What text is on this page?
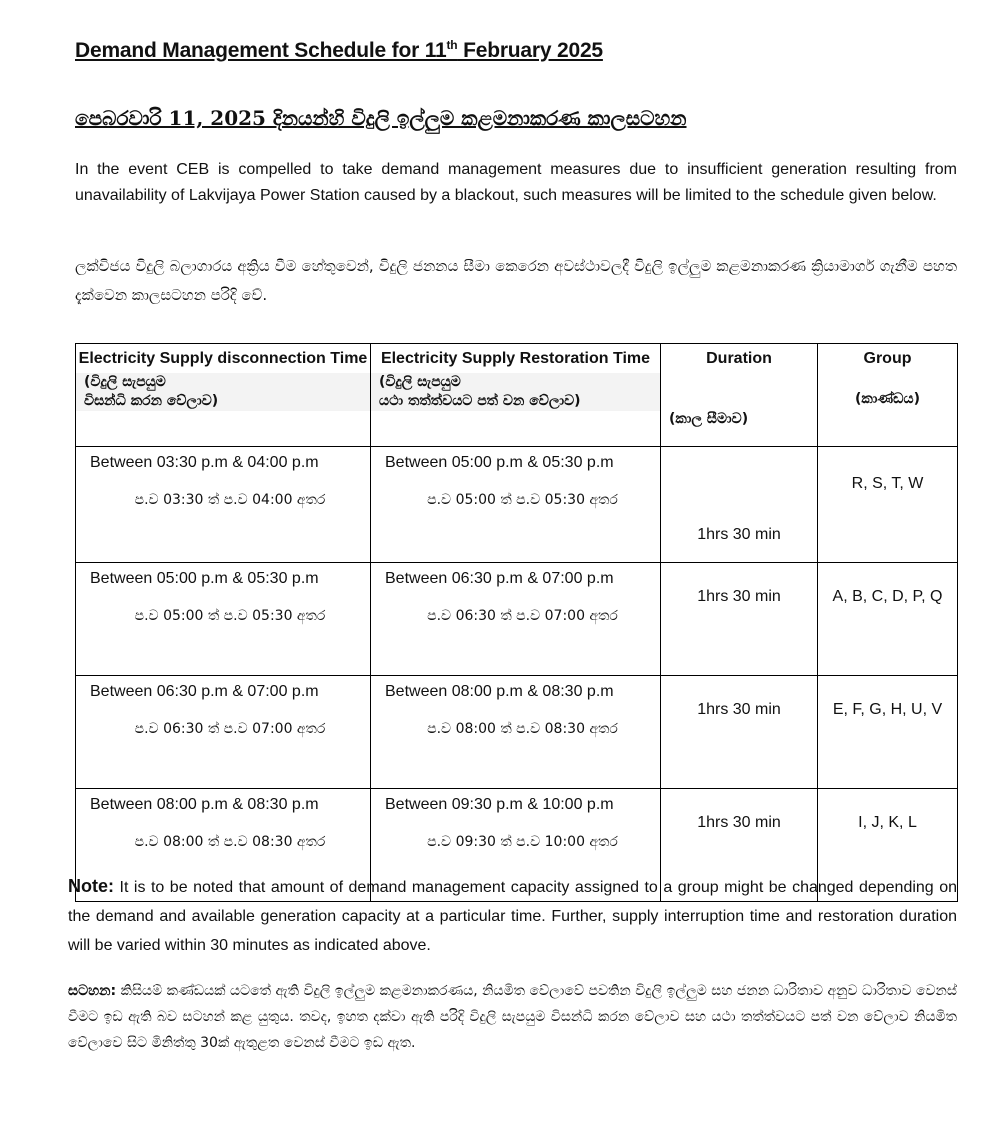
Demand Management Schedule for 11th February 2025
පෙබරවාරි 11, 2025 දිනයන්හි විදුලි ඉල්ලුම කළමනාකරණ කාලසටහන

In the event CEB is compelled to take demand management measures due to insufficient generation resulting from unavailability of Lakvijaya Power Station caused by a blackout, such measures will be limited to the schedule given below.

ලක්විජය විදුලි බලාගාරය අක්‍රිය වීම හේතුවෙන්, විදුලි ජනනය සීමා කෙරෙන අවස්ථාවලදී විදුලි ඉල්ලුම කළමනාකරණ ක්‍රියාමාර්ග ගැනීම පහත දැක්වෙන කාලසටහන පරිදි වේ.

Electricity Supply disconnection Time
(විදුලි සැපයුම
විසන්ධි කරන වේලාව)	Electricity Supply Restoration Time
(විදුලි සැපයුම
යථා තත්ත්වයට පත් වන වේලාව)	Duration
(කාල සීමාව)	Group
(කාණ්ඩය)

Between 03:30 p.m & 04:00 p.m
ප.ව 03:30 ත් ප.ව 04:00 අතර	Between 05:00 p.m & 05:30 p.m
ප.ව 05:00 ත් ප.ව 05:30 අතර	1hrs 30 min	R, S, T, W

Between 05:00 p.m & 05:30 p.m
ප.ව 05:00 ත් ප.ව 05:30 අතර	Between 06:30 p.m & 07:00 p.m
ප.ව 06:30 ත් ප.ව 07:00 අතර	1hrs 30 min	A, B, C, D, P, Q

Between 06:30 p.m & 07:00 p.m
ප.ව 06:30 ත් ප.ව 07:00 අතර	Between 08:00 p.m & 08:30 p.m
ප.ව 08:00 ත් ප.ව 08:30 අතර	1hrs 30 min	E, F, G, H, U, V

Between 08:00 p.m & 08:30 p.m
ප.ව 08:00 ත් ප.ව 08:30 අතර	Between 09:30 p.m & 10:00 p.m
ප.ව 09:30 ත් ප.ව 10:00 අතර	1hrs 30 min	I, J, K, L

Note: It is to be noted that amount of demand management capacity assigned to a group might be changed depending on the demand and available generation capacity at a particular time. Further, supply interruption time and restoration duration will be varied within 30 minutes as indicated above.

සටහන: කිසියම් කණ්ඩයක් යටතේ ඇති විදුලි ඉල්ලුම කළමනාකරණය, නියමිත වේලාවේ පවතින විදුලි ඉල්ලුම සහ ජනන ධාරිතාව අනුව ධාරිතාව වෙනස් වීමට ඉඩ ඇති බව සටහන් කළ යුතුය. තවද, ඉහත දක්වා ඇති පරිදි විදුලි සැපයුම විසන්ධි කරන වේලාව සහ යථා තත්ත්වයට පත් වන වේලාව නියමිත වේලාවෙ සිට මිනිත්තු 30ක් ඇතුළත වෙනස් වීමට ඉඩ ඇත.
